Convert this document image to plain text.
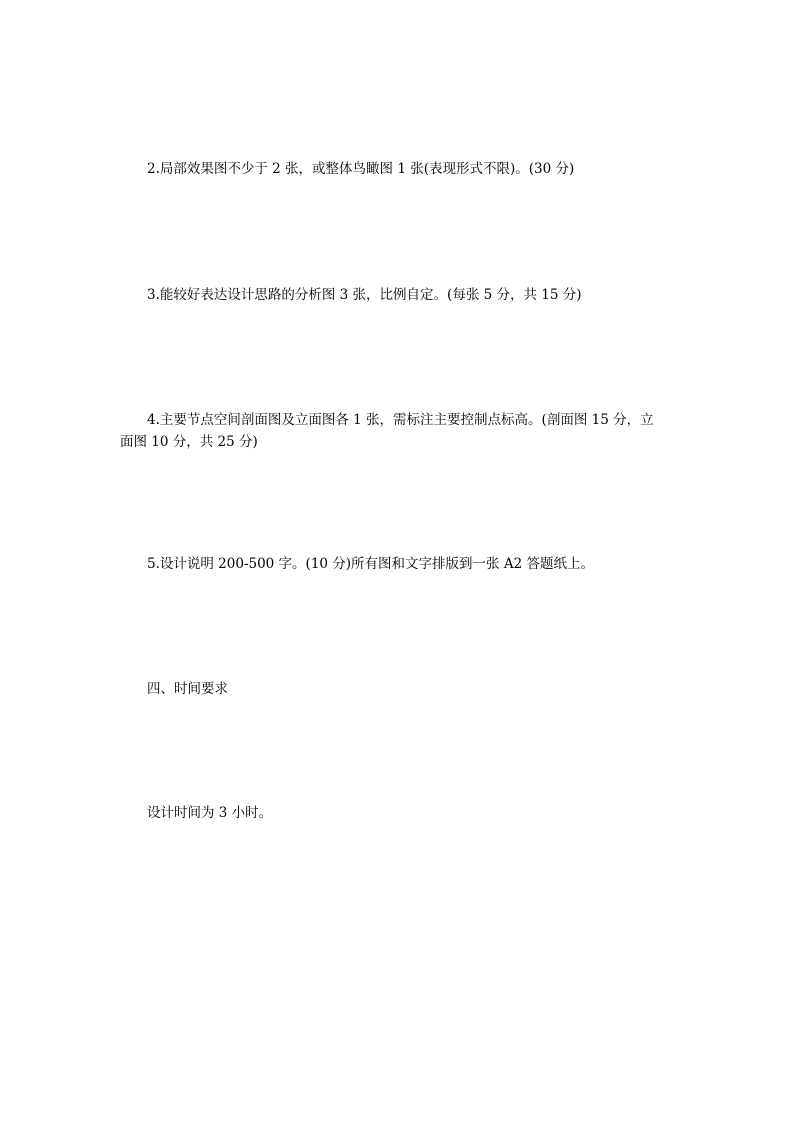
2.局部效果图不少于 2 张，或整体鸟瞰图 1 张(表现形式不限)。(30 分)

3.能较好表达设计思路的分析图 3 张，比例自定。(每张 5 分，共 15 分)

4.主要节点空间剖面图及立面图各 1 张，需标注主要控制点标高。(剖面图 15 分，立
面图 10 分，共 25 分)

5.设计说明 200-500 字。(10 分)所有图和文字排版到一张 A2 答题纸上。

四、时间要求

设计时间为 3 小时。
